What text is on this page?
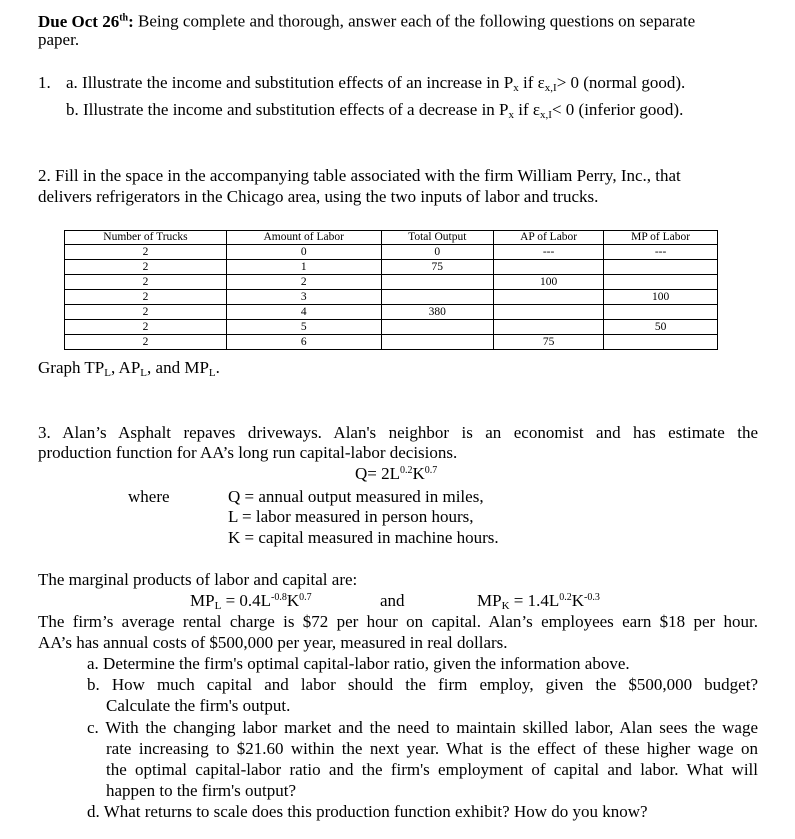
Due Oct 26th: Being complete and thorough, answer each of the following questions on separate
paper.
1. a. Illustrate the income and substitution effects of an increase in $P_x$ if $\varepsilon_{x,I}> 0$ (normal good).
b. Illustrate the income and substitution effects of a decrease in $P_x$ if $\varepsilon_{x,I}< 0$ (inferior good).
2. Fill in the space in the accompanying table associated with the firm William Perry, Inc., that
delivers refrigerators in the Chicago area, using the two inputs of labor and trucks.
Number of Trucks	Amount of Labor	Total Output	AP of Labor	MP of Labor
2	0	0	---	---
2	1	75		
2	2		100	
2	3			100
2	4	380		
2	5			50
2	6		75	
Graph $TP_L$, $AP_L$, and $MP_L$.
3. Alan’s Asphalt repaves driveways. Alan's neighbor is an economist and has estimate the
production function for AA’s long run capital-labor decisions.
$Q= 2L^{0.2}K^{0.7}$
where	Q = annual output measured in miles,
L = labor measured in person hours,
K = capital measured in machine hours.
The marginal products of labor and capital are:
$MP_L = 0.4L^{-0.8}K^{0.7}$	and	$MP_K = 1.4L^{0.2}K^{-0.3}$
The firm’s average rental charge is $72 per hour on capital. Alan’s employees earn $18 per hour.
AA’s has annual costs of $500,000 per year, measured in real dollars.
a. Determine the firm's optimal capital-labor ratio, given the information above.
b. How much capital and labor should the firm employ, given the $500,000 budget?
Calculate the firm's output.
c. With the changing labor market and the need to maintain skilled labor, Alan sees the wage
rate increasing to $21.60 within the next year. What is the effect of these higher wage on
the optimal capital-labor ratio and the firm's employment of capital and labor. What will
happen to the firm's output?
d. What returns to scale does this production function exhibit? How do you know?
